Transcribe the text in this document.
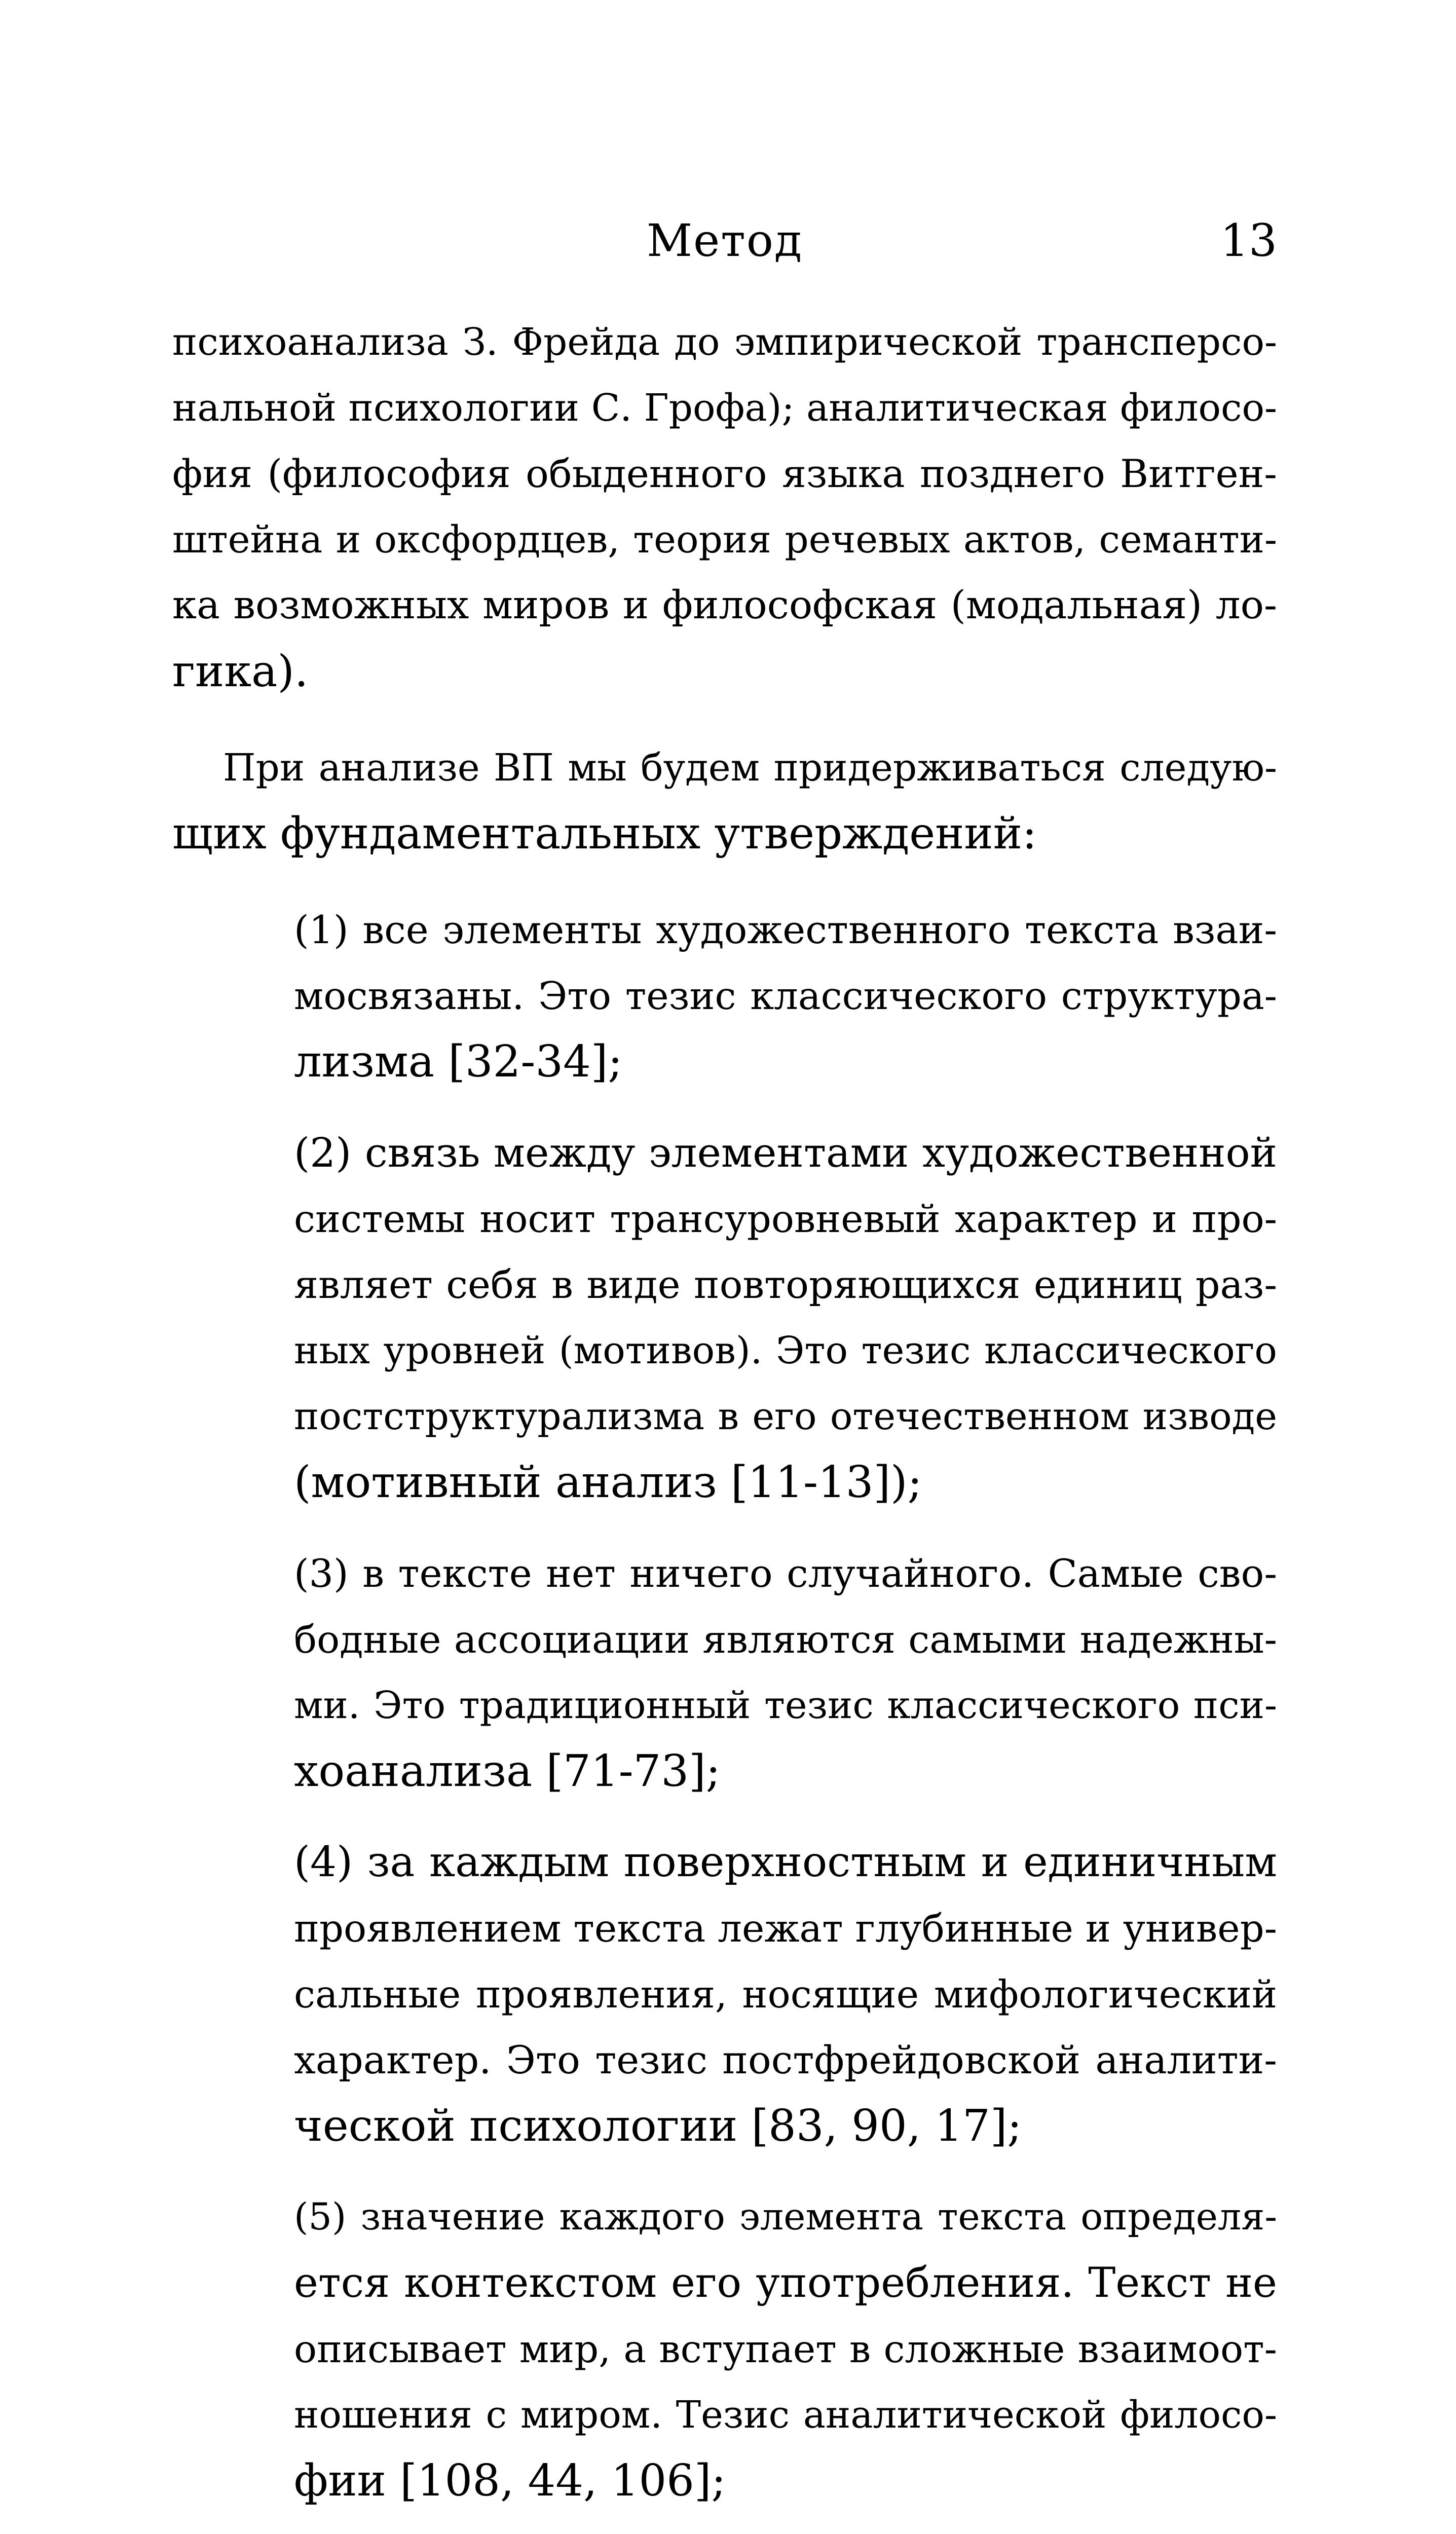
Метод	13
психоанализа З. Фрейда до эмпирической трансперсо-
нальной психологии С. Грофа); аналитическая филосо-
фия (философия обыденного языка позднего Витген-
штейна и оксфордцев, теория речевых актов, семанти-
ка возможных миров и философская (модальная) ло-
гика).
При анализе ВП мы будем придерживаться следую-
щих фундаментальных утверждений:
(1) все элементы художественного текста взаи-
мосвязаны. Это тезис классического структура-
лизма [32-34];
(2) связь между элементами художественной
системы носит трансуровневый характер и про-
являет себя в виде повторяющихся единиц раз-
ных уровней (мотивов). Это тезис классического
постструктурализма в его отечественном изводе
(мотивный анализ [11-13]);
(3) в тексте нет ничего случайного. Самые сво-
бодные ассоциации являются самыми надежны-
ми. Это традиционный тезис классического пси-
хоанализа [71-73];
(4) за каждым поверхностным и единичным
проявлением текста лежат глубинные и универ-
сальные проявления, носящие мифологический
характер. Это тезис постфрейдовской аналити-
ческой психологии [83, 90, 17];
(5) значение каждого элемента текста определя-
ется контекстом его употребления. Текст не
описывает мир, а вступает в сложные взаимоот-
ношения с миром. Тезис аналитической филосо-
фии [108, 44, 106];
